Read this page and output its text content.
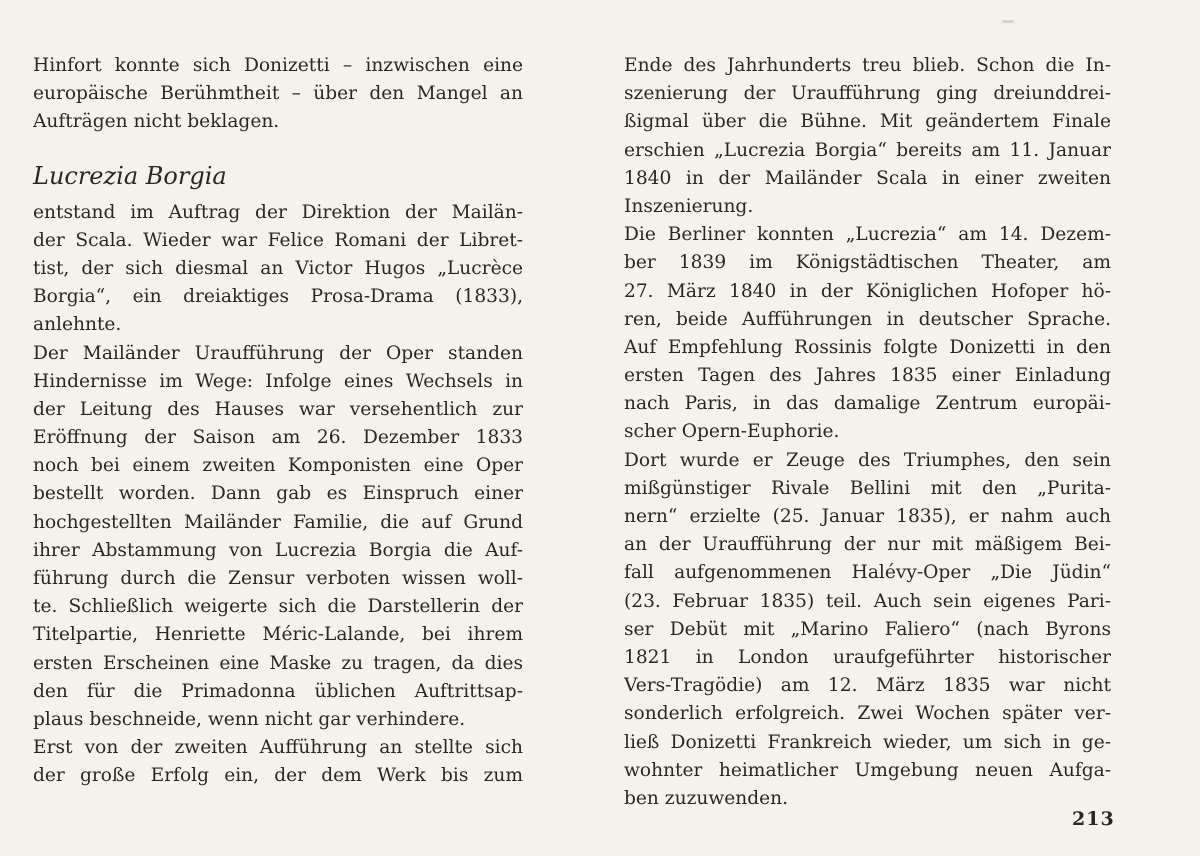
Hinfort konnte sich Donizetti – inzwischen eine
europäische Berühmtheit – über den Mangel an
Aufträgen nicht beklagen.
Lucrezia Borgia
entstand im Auftrag der Direktion der Mailän-
der Scala. Wieder war Felice Romani der Libret-
tist, der sich diesmal an Victor Hugos „Lucrèce
Borgia“, ein dreiaktiges Prosa-Drama (1833),
anlehnte.
Der Mailänder Uraufführung der Oper standen
Hindernisse im Wege: Infolge eines Wechsels in
der Leitung des Hauses war versehentlich zur
Eröffnung der Saison am 26. Dezember 1833
noch bei einem zweiten Komponisten eine Oper
bestellt worden. Dann gab es Einspruch einer
hochgestellten Mailänder Familie, die auf Grund
ihrer Abstammung von Lucrezia Borgia die Auf-
führung durch die Zensur verboten wissen woll-
te. Schließlich weigerte sich die Darstellerin der
Titelpartie, Henriette Méric-Lalande, bei ihrem
ersten Erscheinen eine Maske zu tragen, da dies
den für die Primadonna üblichen Auftrittsap-
plaus beschneide, wenn nicht gar verhindere.
Erst von der zweiten Aufführung an stellte sich
der große Erfolg ein, der dem Werk bis zum
Ende des Jahrhunderts treu blieb. Schon die In-
szenierung der Uraufführung ging dreiunddrei-
ßigmal über die Bühne. Mit geändertem Finale
erschien „Lucrezia Borgia“ bereits am 11. Januar
1840 in der Mailänder Scala in einer zweiten
Inszenierung.
Die Berliner konnten „Lucrezia“ am 14. Dezem-
ber 1839 im Königstädtischen Theater, am
27. März 1840 in der Königlichen Hofoper hö-
ren, beide Aufführungen in deutscher Sprache.
Auf Empfehlung Rossinis folgte Donizetti in den
ersten Tagen des Jahres 1835 einer Einladung
nach Paris, in das damalige Zentrum europäi-
scher Opern-Euphorie.
Dort wurde er Zeuge des Triumphes, den sein
mißgünstiger Rivale Bellini mit den „Purita-
nern“ erzielte (25. Januar 1835), er nahm auch
an der Uraufführung der nur mit mäßigem Bei-
fall aufgenommenen Halévy-Oper „Die Jüdin“
(23. Februar 1835) teil. Auch sein eigenes Pari-
ser Debüt mit „Marino Faliero“ (nach Byrons
1821 in London uraufgeführter historischer
Vers-Tragödie) am 12. März 1835 war nicht
sonderlich erfolgreich. Zwei Wochen später ver-
ließ Donizetti Frankreich wieder, um sich in ge-
wohnter heimatlicher Umgebung neuen Aufga-
ben zuzuwenden.
213
